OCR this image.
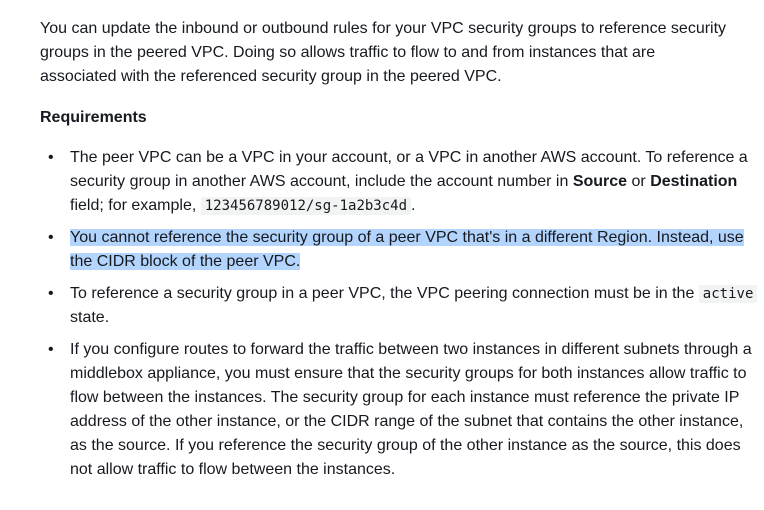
You can update the inbound or outbound rules for your VPC security groups to reference security groups in the peered VPC. Doing so allows traffic to flow to and from instances that are associated with the referenced security group in the peered VPC.

Requirements
• The peer VPC can be a VPC in your account, or a VPC in another AWS account. To reference a security group in another AWS account, include the account number in Source or Destination field; for example, 123456789012/sg-1a2b3c4d .
• You cannot reference the security group of a peer VPC that's in a different Region. Instead, use the CIDR block of the peer VPC.
• To reference a security group in a peer VPC, the VPC peering connection must be in the active state.
• If you configure routes to forward the traffic between two instances in different subnets through a middlebox appliance, you must ensure that the security groups for both instances allow traffic to flow between the instances. The security group for each instance must reference the private IP address of the other instance, or the CIDR range of the subnet that contains the other instance, as the source. If you reference the security group of the other instance as the source, this does not allow traffic to flow between the instances.
